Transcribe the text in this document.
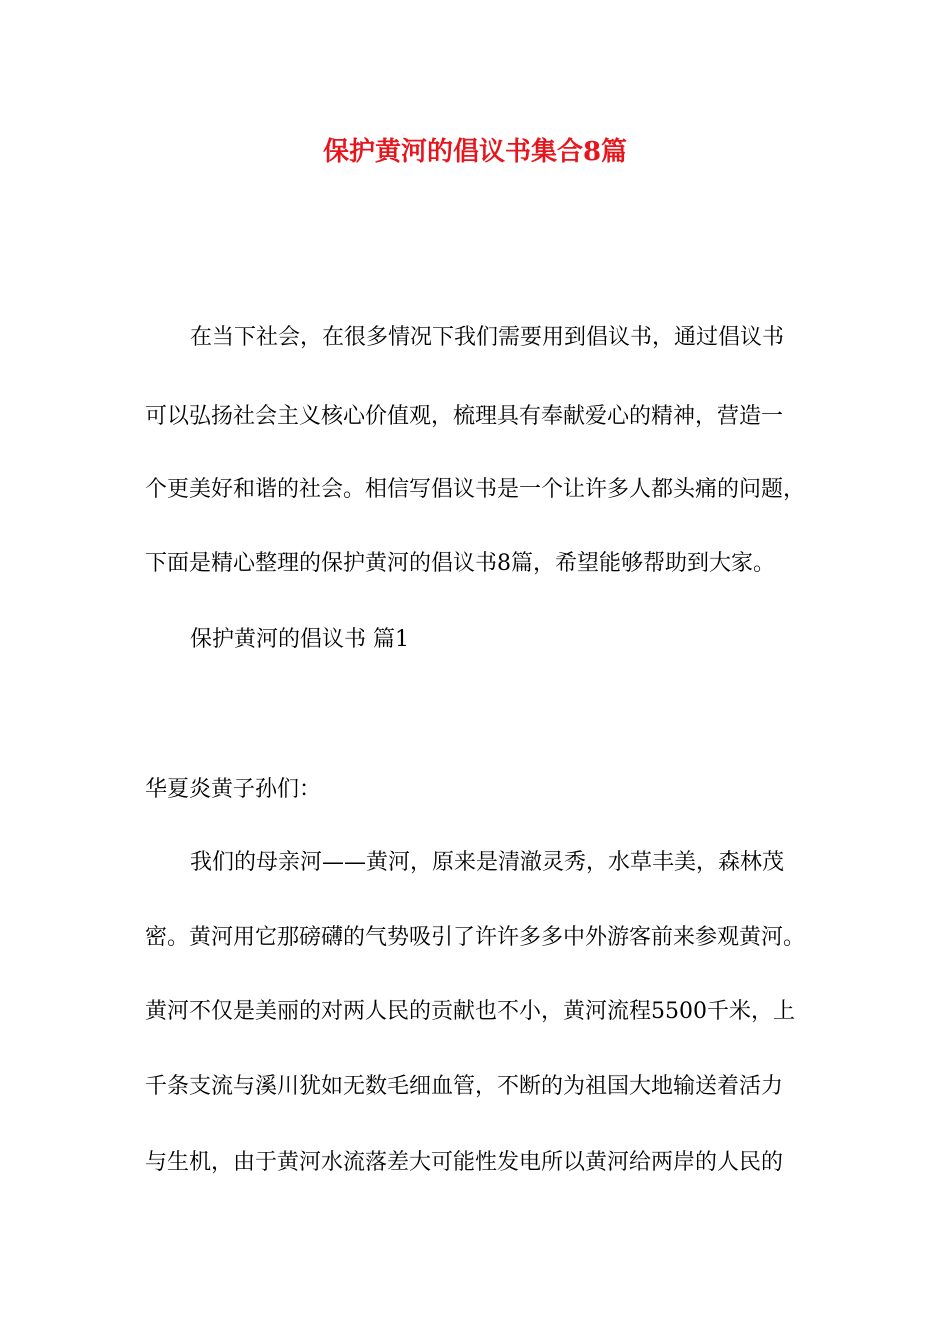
保护黄河的倡议书集合8篇
在当下社会，在很多情况下我们需要用到倡议书，通过倡议书
可以弘扬社会主义核心价值观，梳理具有奉献爱心的精神，营造一
个更美好和谐的社会。相信写倡议书是一个让许多人都头痛的问题，
下面是精心整理的保护黄河的倡议书8篇，希望能够帮助到大家。
保护黄河的倡议书 篇1
华夏炎黄子孙们：
我们的母亲河——黄河，原来是清澈灵秀，水草丰美，森林茂
密。黄河用它那磅礴的气势吸引了许许多多中外游客前来参观黄河。
黄河不仅是美丽的对两人民的贡献也不小，黄河流程5500千米，上
千条支流与溪川犹如无数毛细血管，不断的为祖国大地输送着活力
与生机，由于黄河水流落差大可能性发电所以黄河给两岸的人民的
